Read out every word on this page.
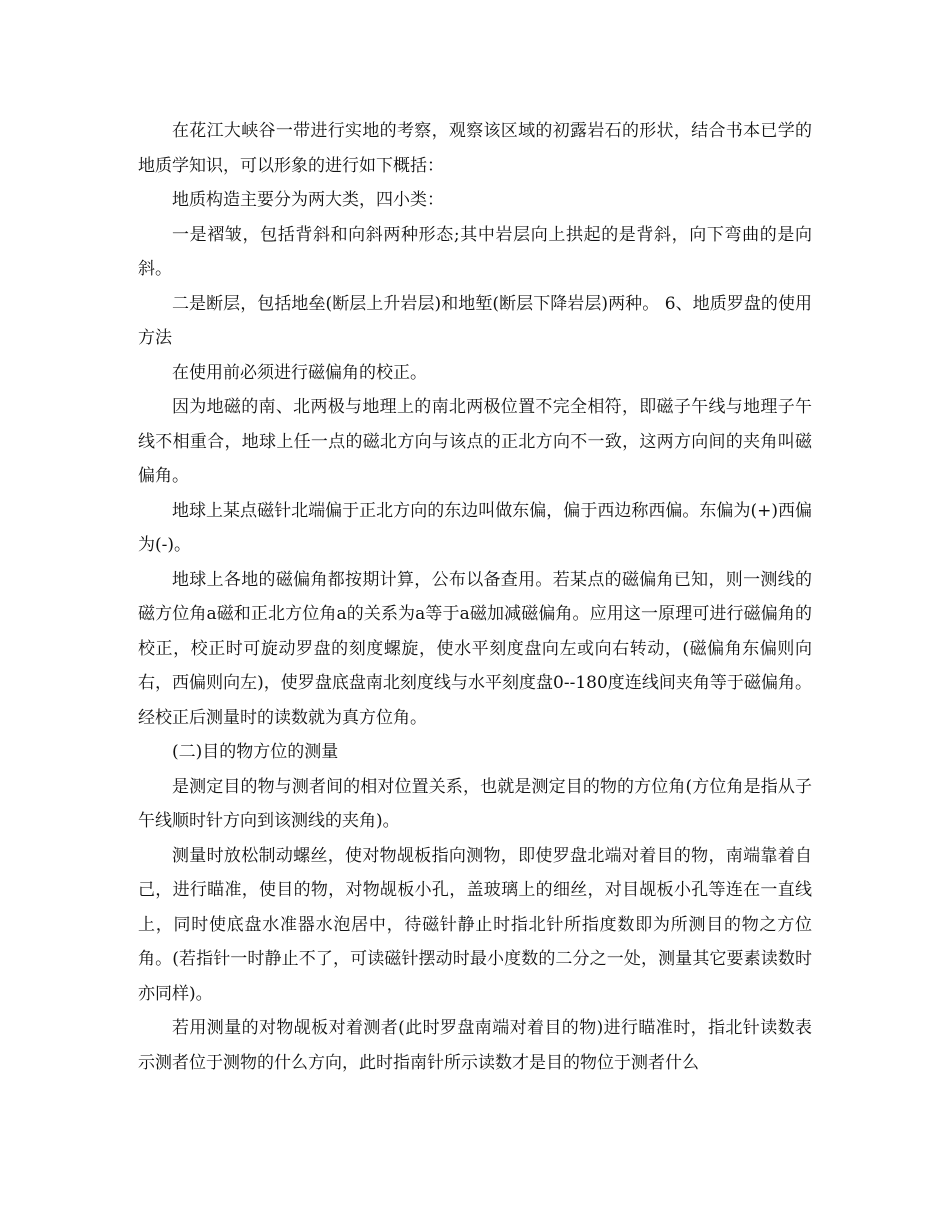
在花江大峡谷一带进行实地的考察，观察该区域的初露岩石的形状，结合书本已学的地质学知识，可以形象的进行如下概括：

地质构造主要分为两大类，四小类：

一是褶皱，包括背斜和向斜两种形态;其中岩层向上拱起的是背斜，向下弯曲的是向斜。

二是断层，包括地垒(断层上升岩层)和地堑(断层下降岩层)两种。 6、地质罗盘的使用方法

在使用前必须进行磁偏角的校正。

因为地磁的南、北两极与地理上的南北两极位置不完全相符，即磁子午线与地理子午线不相重合，地球上任一点的磁北方向与该点的正北方向不一致，这两方向间的夹角叫磁偏角。

地球上某点磁针北端偏于正北方向的东边叫做东偏，偏于西边称西偏。东偏为(+)西偏为(-)。

地球上各地的磁偏角都按期计算，公布以备查用。若某点的磁偏角已知，则一测线的磁方位角a磁和正北方位角a的关系为a等于a磁加减磁偏角。应用这一原理可进行磁偏角的校正，校正时可旋动罗盘的刻度螺旋，使水平刻度盘向左或向右转动，(磁偏角东偏则向右，西偏则向左)，使罗盘底盘南北刻度线与水平刻度盘0--180度连线间夹角等于磁偏角。经校正后测量时的读数就为真方位角。

(二)目的物方位的测量

是测定目的物与测者间的相对位置关系，也就是测定目的物的方位角(方位角是指从子午线顺时针方向到该测线的夹角)。

测量时放松制动螺丝，使对物觇板指向测物，即使罗盘北端对着目的物，南端靠着自己，进行瞄准，使目的物，对物觇板小孔，盖玻璃上的细丝，对目觇板小孔等连在一直线上，同时使底盘水准器水泡居中，待磁针静止时指北针所指度数即为所测目的物之方位角。(若指针一时静止不了，可读磁针摆动时最小度数的二分之一处，测量其它要素读数时亦同样)。

若用测量的对物觇板对着测者(此时罗盘南端对着目的物)进行瞄准时，指北针读数表示测者位于测物的什么方向，此时指南针所示读数才是目的物位于测者什么
